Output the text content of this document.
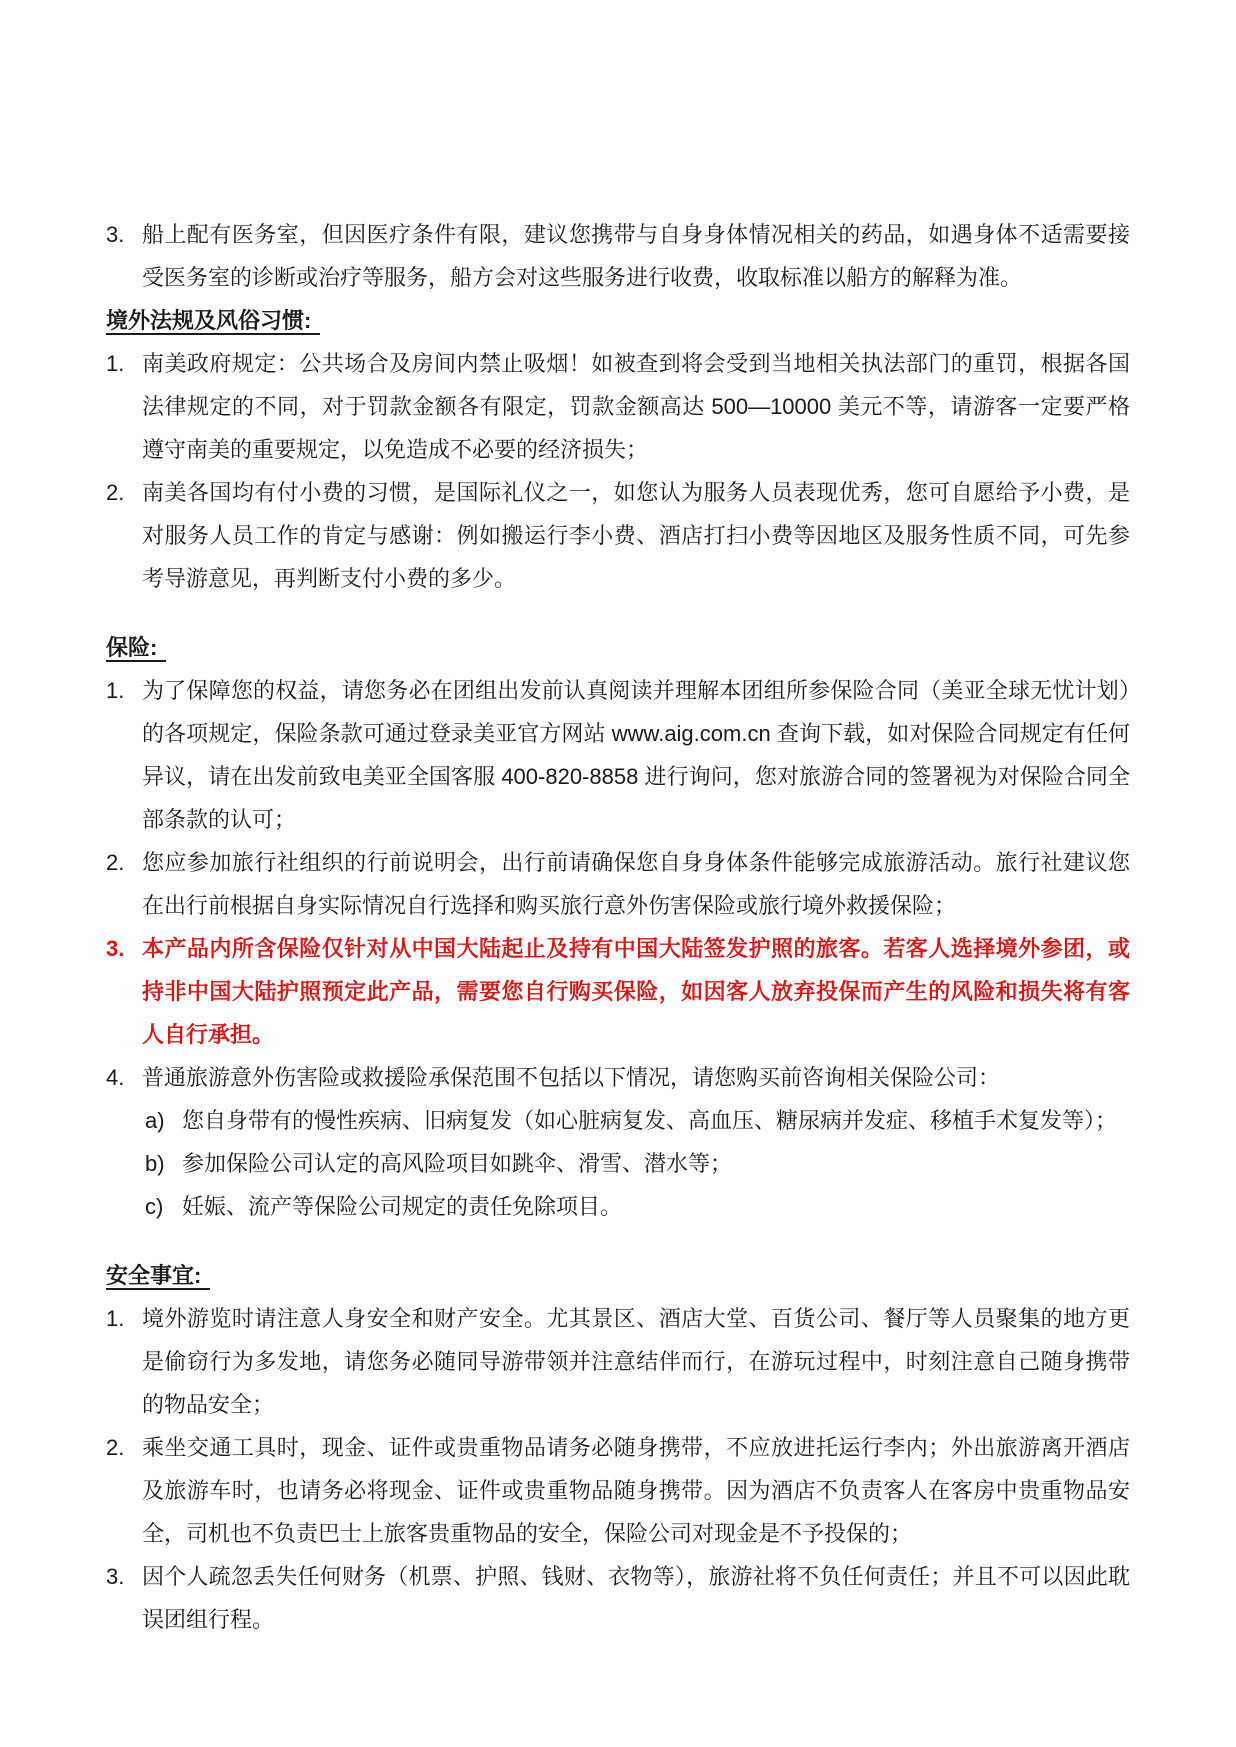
3. 船上配有医务室，但因医疗条件有限，建议您携带与自身身体情况相关的药品，如遇身体不适需要接受医务室的诊断或治疗等服务，船方会对这些服务进行收费，收取标准以船方的解释为准。
境外法规及风俗习惯:
1. 南美政府规定：公共场合及房间内禁止吸烟！如被查到将会受到当地相关执法部门的重罚，根据各国法律规定的不同，对于罚款金额各有限定，罚款金额高达 500—10000 美元不等，请游客一定要严格遵守南美的重要规定，以免造成不必要的经济损失；
2. 南美各国均有付小费的习惯，是国际礼仪之一，如您认为服务人员表现优秀，您可自愿给予小费，是对服务人员工作的肯定与感谢：例如搬运行李小费、酒店打扫小费等因地区及服务性质不同，可先参考导游意见，再判断支付小费的多少。
保险:
1. 为了保障您的权益，请您务必在团组出发前认真阅读并理解本团组所参保险合同（美亚全球无忧计划）的各项规定，保险条款可通过登录美亚官方网站 www.aig.com.cn 查询下载，如对保险合同规定有任何异议，请在出发前致电美亚全国客服 400-820-8858 进行询问，您对旅游合同的签署视为对保险合同全部条款的认可；
2. 您应参加旅行社组织的行前说明会，出行前请确保您自身身体条件能够完成旅游活动。旅行社建议您在出行前根据自身实际情况自行选择和购买旅行意外伤害保险或旅行境外救援保险；
3. 本产品内所含保险仅针对从中国大陆起止及持有中国大陆签发护照的旅客。若客人选择境外参团，或持非中国大陆护照预定此产品，需要您自行购买保险，如因客人放弃投保而产生的风险和损失将有客人自行承担。
4. 普通旅游意外伤害险或救援险承保范围不包括以下情况，请您购买前咨询相关保险公司：
a) 您自身带有的慢性疾病、旧病复发（如心脏病复发、高血压、糖尿病并发症、移植手术复发等）；
b) 参加保险公司认定的高风险项目如跳伞、滑雪、潜水等；
c) 妊娠、流产等保险公司规定的责任免除项目。
安全事宜:
1. 境外游览时请注意人身安全和财产安全。尤其景区、酒店大堂、百货公司、餐厅等人员聚集的地方更是偷窃行为多发地，请您务必随同导游带领并注意结伴而行，在游玩过程中，时刻注意自己随身携带的物品安全；
2. 乘坐交通工具时，现金、证件或贵重物品请务必随身携带，不应放进托运行李内；外出旅游离开酒店及旅游车时，也请务必将现金、证件或贵重物品随身携带。因为酒店不负责客人在客房中贵重物品安全，司机也不负责巴士上旅客贵重物品的安全，保险公司对现金是不予投保的；
3. 因个人疏忽丢失任何财务（机票、护照、钱财、衣物等），旅游社将不负任何责任；并且不可以因此耽误团组行程。
